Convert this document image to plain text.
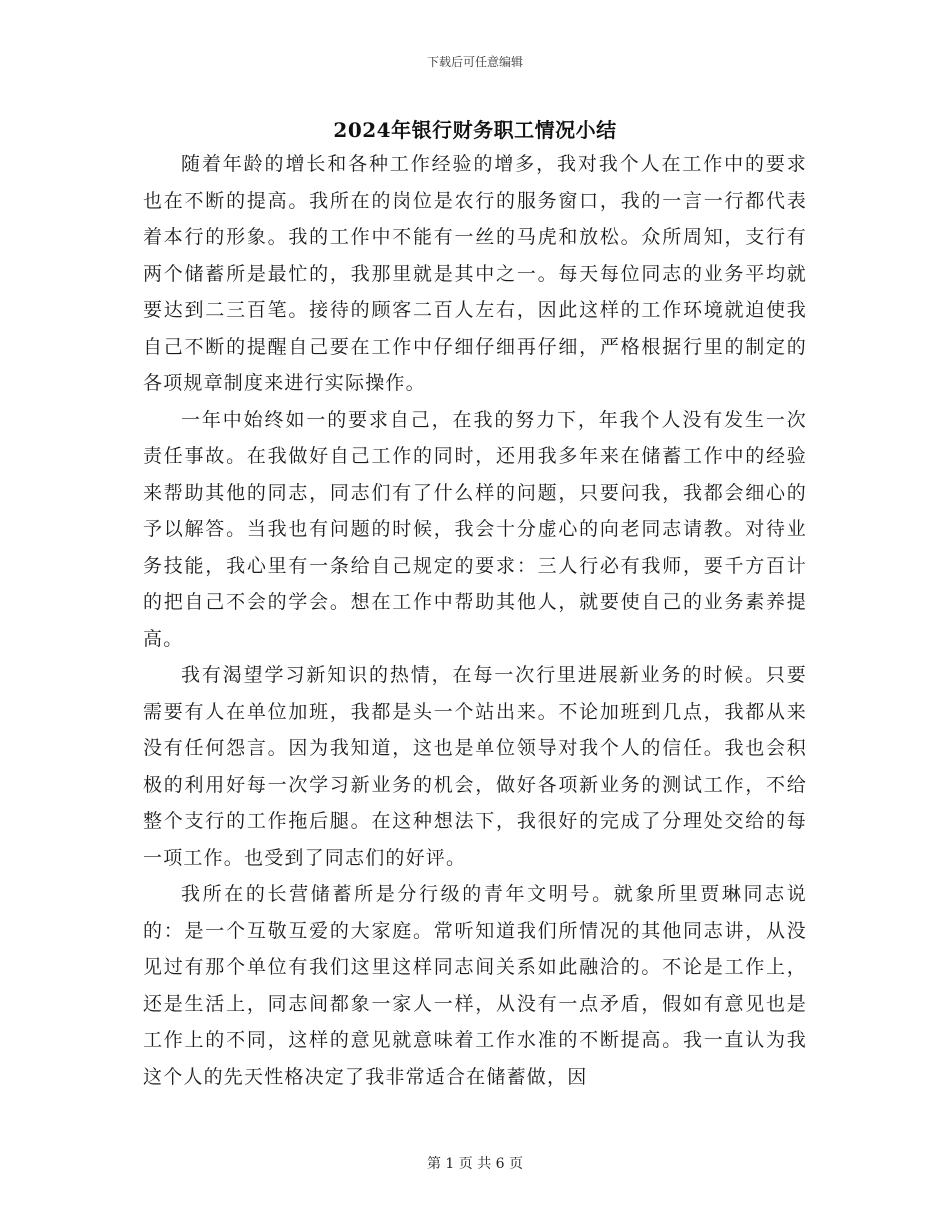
下载后可任意编辑
2024年银行财务职工情况小结

随着年龄的增长和各种工作经验的增多，我对我个人在工作中的要求也在不断的提高。我所在的岗位是农行的服务窗口，我的一言一行都代表着本行的形象。我的工作中不能有一丝的马虎和放松。众所周知，支行有两个储蓄所是最忙的，我那里就是其中之一。每天每位同志的业务平均就要达到二三百笔。接待的顾客二百人左右，因此这样的工作环境就迫使我自己不断的提醒自己要在工作中仔细仔细再仔细，严格根据行里的制定的各项规章制度来进行实际操作。

一年中始终如一的要求自己，在我的努力下，年我个人没有发生一次责任事故。在我做好自己工作的同时，还用我多年来在储蓄工作中的经验来帮助其他的同志，同志们有了什么样的问题，只要问我，我都会细心的予以解答。当我也有问题的时候，我会十分虚心的向老同志请教。对待业务技能，我心里有一条给自己规定的要求：三人行必有我师，要千方百计的把自己不会的学会。想在工作中帮助其他人，就要使自己的业务素养提高。

我有渴望学习新知识的热情，在每一次行里进展新业务的时候。只要需要有人在单位加班，我都是头一个站出来。不论加班到几点，我都从来没有任何怨言。因为我知道，这也是单位领导对我个人的信任。我也会积极的利用好每一次学习新业务的机会，做好各项新业务的测试工作，不给整个支行的工作拖后腿。在这种想法下，我很好的完成了分理处交给的每一项工作。也受到了同志们的好评。

我所在的长营储蓄所是分行级的青年文明号。就象所里贾琳同志说的：是一个互敬互爱的大家庭。常听知道我们所情况的其他同志讲，从没见过有那个单位有我们这里这样同志间关系如此融洽的。不论是工作上，还是生活上，同志间都象一家人一样，从没有一点矛盾，假如有意见也是工作上的不同，这样的意见就意味着工作水准的不断提高。我一直认为我这个人的先天性格决定了我非常适合在储蓄做，因

第 1 页 共 6 页
